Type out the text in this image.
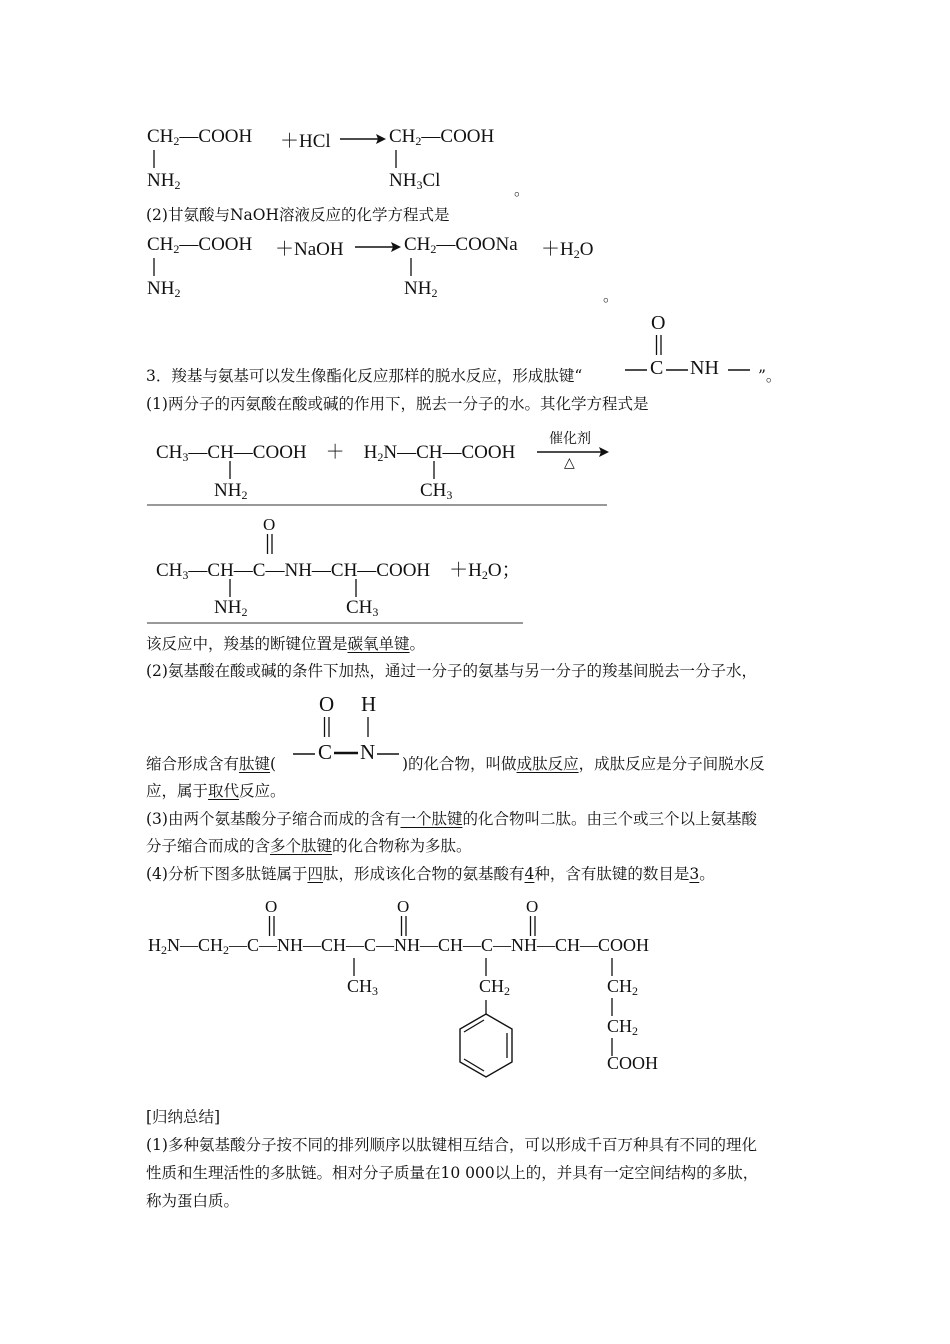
$CH_2—COOH$
$NH_2$
＋HCl	$CH_2—COOH$
$NH_3Cl$	。
(2)甘氨酸与NaOH溶液反应的化学方程式是
$CH_2—COOH$
$NH_2$
＋NaOH	$CH_2—COONa +H_2O$
$NH_2$	。
3．羧基与氨基可以发生像酯化反应那样的脱水反应，形成肽键“
O
C NH	”。
(1)两分子的丙氨酸在酸或碱的作用下，脱去一分子的水。其化学方程式是
$CH_3—CH—COOH$　＋　$H_2N—CH—COOH$
$NH_2$	$CH_3$
催化剂
△
O
$CH_3—CH—C—NH—CH—COOH$　$+H_2O$；
$NH_2$	$CH_3$
该反应中，羧基的断键位置是碳氧单键。
(2)氨基酸在酸或碱的条件下加热，通过一分子的氨基与另一分子的羧基间脱去一分子水，
O H
缩合形成含有肽键( C N )的化合物，叫做成肽反应，成肽反应是分子间脱水反
应，属于取代反应。
(3)由两个氨基酸分子缩合而成的含有一个肽键的化合物叫二肽。由三个或三个以上氨基酸
分子缩合而成的含多个肽键的化合物称为多肽。
(4)分析下图多肽链属于四肽，形成该化合物的氨基酸有4种，含有肽键的数目是3。
O	O	O
$H_2N—CH_2—C—NH—CH—C—NH—CH—C—NH—CH—COOH$
$CH_3$	$CH_2$	$CH_2$
$CH_2$
COOH
[归纳总结]
(1)多种氨基酸分子按不同的排列顺序以肽键相互结合，可以形成千百万种具有不同的理化
性质和生理活性的多肽链。相对分子质量在10 000以上的，并具有一定空间结构的多肽，
称为蛋白质。
